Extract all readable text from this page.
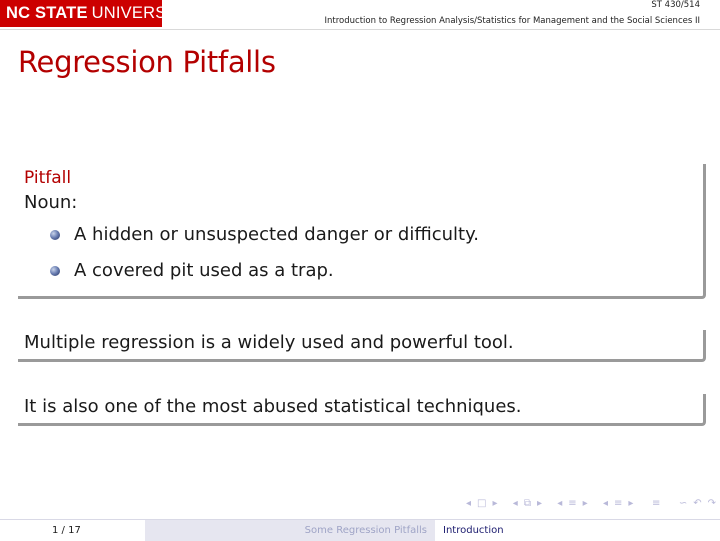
NC STATE UNIVERSITY	ST 430/514
Introduction to Regression Analysis/Statistics for Management and the Social Sciences II
Regression Pitfalls
Pitfall
Noun:
A hidden or unsuspected danger or difficulty.
A covered pit used as a trap.
Multiple regression is a widely used and powerful tool.
It is also one of the most abused statistical techniques.
◂ □ ▸ ◂ ⧉ ▸ ◂ ≡ ▸ ◂ ≡ ▸ ≡ ∽ ↶ ↷
1 / 17	Some Regression Pitfalls Introduction
